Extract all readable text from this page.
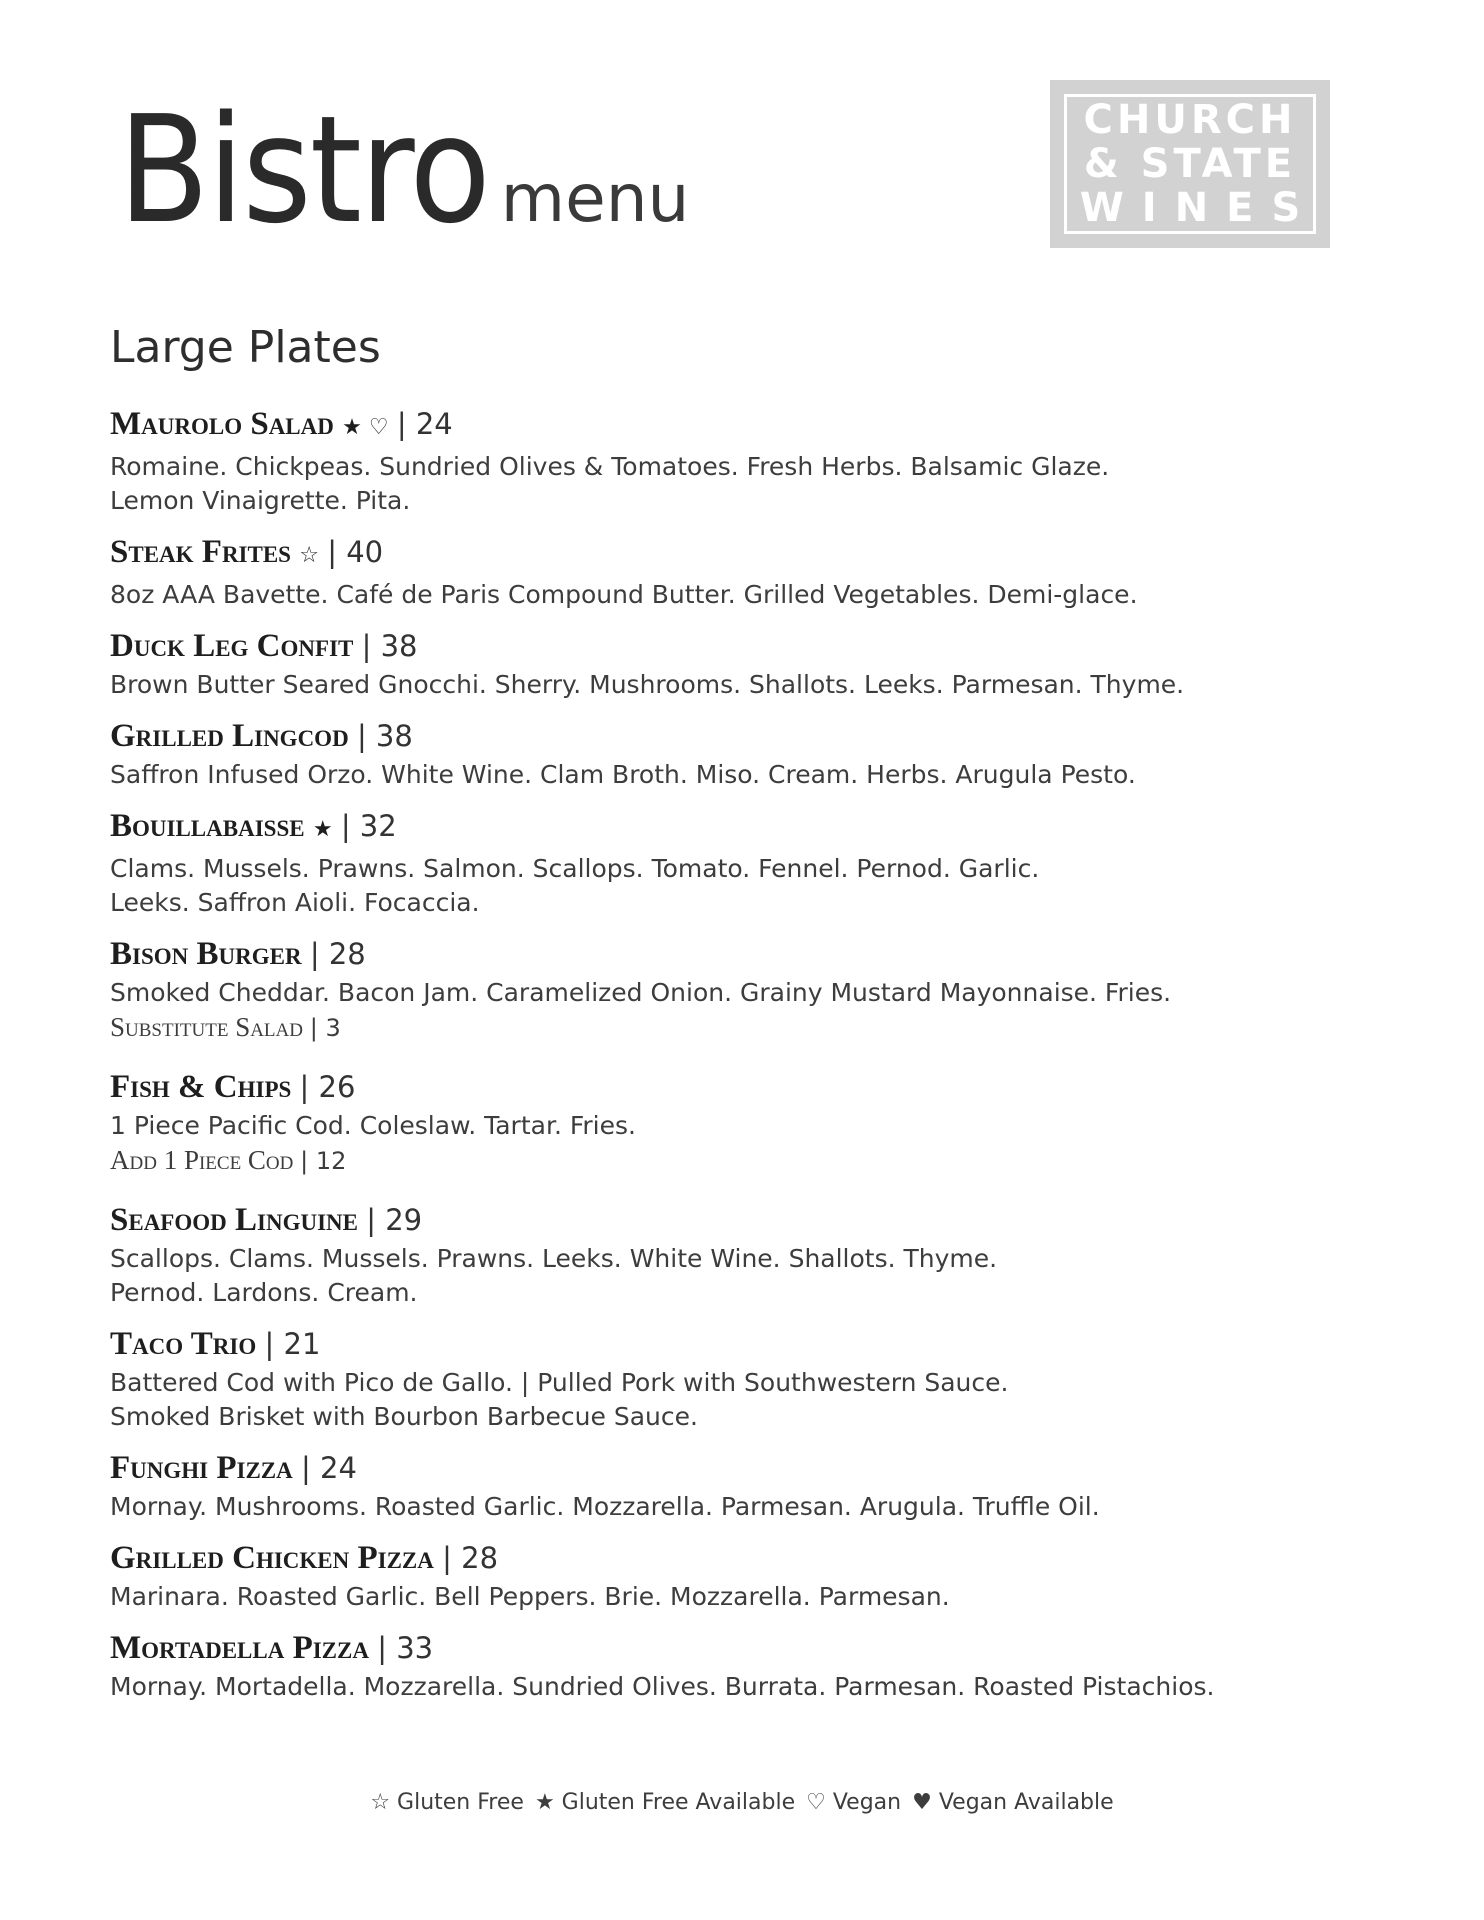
Bistro menu
CHURCH
& STATE
WINES
Large Plates
Maurolo Salad ★ ♡ | 24
Romaine. Chickpeas. Sundried Olives & Tomatoes. Fresh Herbs. Balsamic Glaze.
Lemon Vinaigrette. Pita.
Steak Frites ☆ | 40
8oz AAA Bavette. Café de Paris Compound Butter. Grilled Vegetables. Demi-glace.
Duck Leg Confit | 38
Brown Butter Seared Gnocchi. Sherry. Mushrooms. Shallots. Leeks. Parmesan. Thyme.
Grilled Lingcod | 38
Saffron Infused Orzo. White Wine. Clam Broth. Miso. Cream. Herbs. Arugula Pesto.
Bouillabaisse ★ | 32
Clams. Mussels. Prawns. Salmon. Scallops. Tomato. Fennel. Pernod. Garlic.
Leeks. Saffron Aioli. Focaccia.
Bison Burger | 28
Smoked Cheddar. Bacon Jam. Caramelized Onion. Grainy Mustard Mayonnaise. Fries.
Substitute Salad | 3
Fish & Chips | 26
1 Piece Pacific Cod. Coleslaw. Tartar. Fries.
Add 1 Piece Cod | 12
Seafood Linguine | 29
Scallops. Clams. Mussels. Prawns. Leeks. White Wine. Shallots. Thyme.
Pernod. Lardons. Cream.
Taco Trio | 21
Battered Cod with Pico de Gallo. | Pulled Pork with Southwestern Sauce.
Smoked Brisket with Bourbon Barbecue Sauce.
Funghi Pizza | 24
Mornay. Mushrooms. Roasted Garlic. Mozzarella. Parmesan. Arugula. Truffle Oil.
Grilled Chicken Pizza | 28
Marinara. Roasted Garlic. Bell Peppers. Brie. Mozzarella. Parmesan.
Mortadella Pizza | 33
Mornay. Mortadella. Mozzarella. Sundried Olives. Burrata. Parmesan. Roasted Pistachios.
☆ Gluten Free ★ Gluten Free Available ♡ Vegan ♥ Vegan Available
